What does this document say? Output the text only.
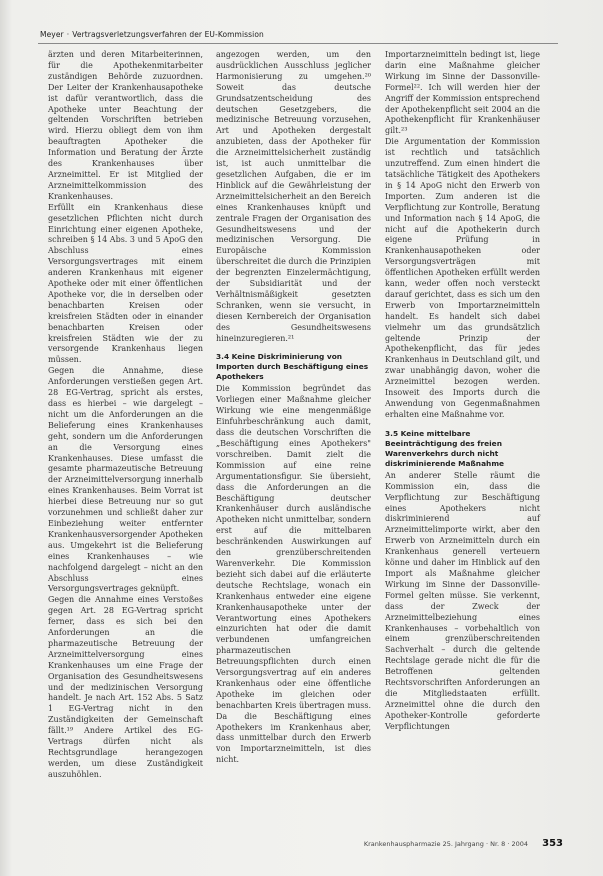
Meyer · Vertragsverletzungsverfahren der EU-Kommission

ärzten und deren Mitarbeiterinnen, für die Apothekenmitarbeiter zuständigen Behörde zuzuordnen. Der Leiter der Krankenhausapotheke ist dafür verantwortlich, dass die Apotheke unter Beachtung der geltenden Vorschriften betrieben wird. Hierzu obliegt dem von ihm beauftragten Apotheker die Information und Beratung der Ärzte des Krankenhauses über Arzneimittel. Er ist Mitglied der Arzneimittelkommission des Krankenhauses.

Erfüllt ein Krankenhaus diese gesetzlichen Pflichten nicht durch Einrichtung einer eigenen Apotheke, schreiben § 14 Abs. 3 und 5 ApoG den Abschluss eines Versorgungsvertrages mit einem anderen Krankenhaus mit eigener Apotheke oder mit einer öffentlichen Apotheke vor, die in derselben oder benachbarten Kreisen oder kreisfreien Städten oder in einander benachbarten Kreisen oder kreisfreien Städten wie der zu versorgende Krankenhaus liegen müssen.

Gegen die Annahme, diese Anforderungen verstießen gegen Art. 28 EG-Vertrag, spricht als erstes, dass es hierbei – wie dargelegt – nicht um die Anforderungen an die Belieferung eines Krankenhauses geht, sondern um die Anforderungen an die Versorgung eines Krankenhauses. Diese umfasst die gesamte pharmazeutische Betreuung der Arzneimittelversorgung innerhalb eines Krankenhauses. Beim Vorrat ist hierbei diese Betreuung nur so gut vorzunehmen und schließt daher zur Einbeziehung weiter entfernter Krankenhausversorgender Apotheken aus. Umgekehrt ist die Belieferung eines Krankenhauses – wie nachfolgend dargelegt – nicht an den Abschluss eines Versorgungsvertrages geknüpft.

Gegen die Annahme eines Verstoßes gegen Art. 28 EG-Vertrag spricht ferner, dass es sich bei den Anforderungen an die pharmazeutische Betreuung der Arzneimittelversorgung eines Krankenhauses um eine Frage der Organisation des Gesundheitswesens und der medizinischen Versorgung handelt. Je nach Art. 152 Abs. 5 Satz 1 EG-Vertrag nicht in den Zuständigkeiten der Gemeinschaft fällt.¹⁹ Andere Artikel des EG-Vertrags dürfen nicht als Rechtsgrundlage herangezogen werden, um diese Zuständigkeit auszuhöhlen.

angezogen werden, um den ausdrücklichen Ausschluss jeglicher Harmonisierung zu umgehen.²⁰ Soweit das deutsche Grundsatzentscheidung des deutschen Gesetzgebers, die medizinische Betreuung vorzusehen, Art und Apotheken dergestalt anzubieten, dass der Apotheker für die Arzneimittelsicherheit zuständig ist, ist auch unmittelbar die gesetzlichen Aufgaben, die er im Hinblick auf die Gewährleistung der Arzneimittelsicherheit an den Bereich eines Krankenhauses knüpft und zentrale Fragen der Organisation des Gesundheitswesens und der medizinischen Versorgung. Die Europäische Kommission überschreitet die durch die Prinzipien der begrenzten Einzelermächtigung, der Subsidiarität und der Verhältnismäßigkeit gesetzten Schranken, wenn sie versucht, in diesen Kernbereich der Organisation des Gesundheitswesens hineinzuregieren.²¹

3.4 Keine Diskriminierung von Importen durch Beschäftigung eines Apothekers

Die Kommission begründet das Vorliegen einer Maßnahme gleicher Wirkung wie eine mengenmäßige Einfuhrbeschränkung auch damit, dass die deutschen Vorschriften die „Beschäftigung eines Apothekers" vorschreiben. Damit zielt die Kommission auf eine reine Argumentationsfigur. Sie übersieht, dass die Anforderungen an die Beschäftigung deutscher Krankenhäuser durch ausländische Apotheken nicht unmittelbar, sondern erst auf die mittelbaren beschränkenden Auswirkungen auf den grenzüberschreitenden Warenverkehr. Die Kommission bezieht sich dabei auf die erläuterte deutsche Rechtslage, wonach ein Krankenhaus entweder eine eigene Krankenhausapotheke unter der Verantwortung eines Apothekers einzurichten hat oder die damit verbundenen umfangreichen pharmazeutischen Betreuungspflichten durch einen Versorgungsvertrag auf ein anderes Krankenhaus oder eine öffentliche Apotheke im gleichen oder benachbarten Kreis übertragen muss. Da die Beschäftigung eines Apothekers im Krankenhaus aber, dass unmittelbar durch den Erwerb von Importarzneimitteln, ist dies nicht.

Importarzneimitteln bedingt ist, liege darin eine Maßnahme gleicher Wirkung im Sinne der Dassonville-Formel²². Ich will werden hier der Angriff der Kommission entsprechend der Apothekenpflicht seit 2004 an die Apothekenpflicht für Krankenhäuser gilt.²³

Die Argumentation der Kommission ist rechtlich und tatsächlich unzutreffend. Zum einen hindert die tatsächliche Tätigkeit des Apothekers in § 14 ApoG nicht den Erwerb von Importen. Zum anderen ist die Verpflichtung zur Kontrolle, Beratung und Information nach § 14 ApoG, die nicht auf die Apothekerin durch eigene Prüfung in Krankenhausapotheken oder Versorgungsverträgen mit öffentlichen Apotheken erfüllt werden kann, weder offen noch versteckt darauf gerichtet, dass es sich um den Erwerb von Importarzneimitteln handelt. Es handelt sich dabei vielmehr um das grundsätzlich geltende Prinzip der Apothekenpflicht, das für jedes Krankenhaus in Deutschland gilt, und zwar unabhängig davon, woher die Arzneimittel bezogen werden. Insoweit des Imports durch die Anwendung von Gegenmaßnahmen erhalten eine Maßnahme vor.

3.5 Keine mittelbare Beeinträchtigung des freien Warenverkehrs durch nicht diskriminierende Maßnahme

An anderer Stelle räumt die Kommission ein, dass die Verpflichtung zur Beschäftigung eines Apothekers nicht diskriminierend auf Arzneimittelimporte wirkt, aber den Erwerb von Arzneimitteln durch ein Krankenhaus generell verteuern könne und daher im Hinblick auf den Import als Maßnahme gleicher Wirkung im Sinne der Dassonville-Formel gelten müsse. Sie verkennt, dass der Zweck der Arzneimittelbeziehung eines Krankenhauses – vorbehaltlich von einem grenzüberschreitenden Sachverhalt – durch die geltende Rechtslage gerade nicht die für die Betroffenen geltenden Rechtsvorschriften Anforderungen an die Mitgliedstaaten erfüllt. Arzneimittel ohne die durch den Apotheker-Kontrolle geforderte Verpflichtungen

Krankenhauspharmazie 25. Jahrgang · Nr. 8 · 2004 353
